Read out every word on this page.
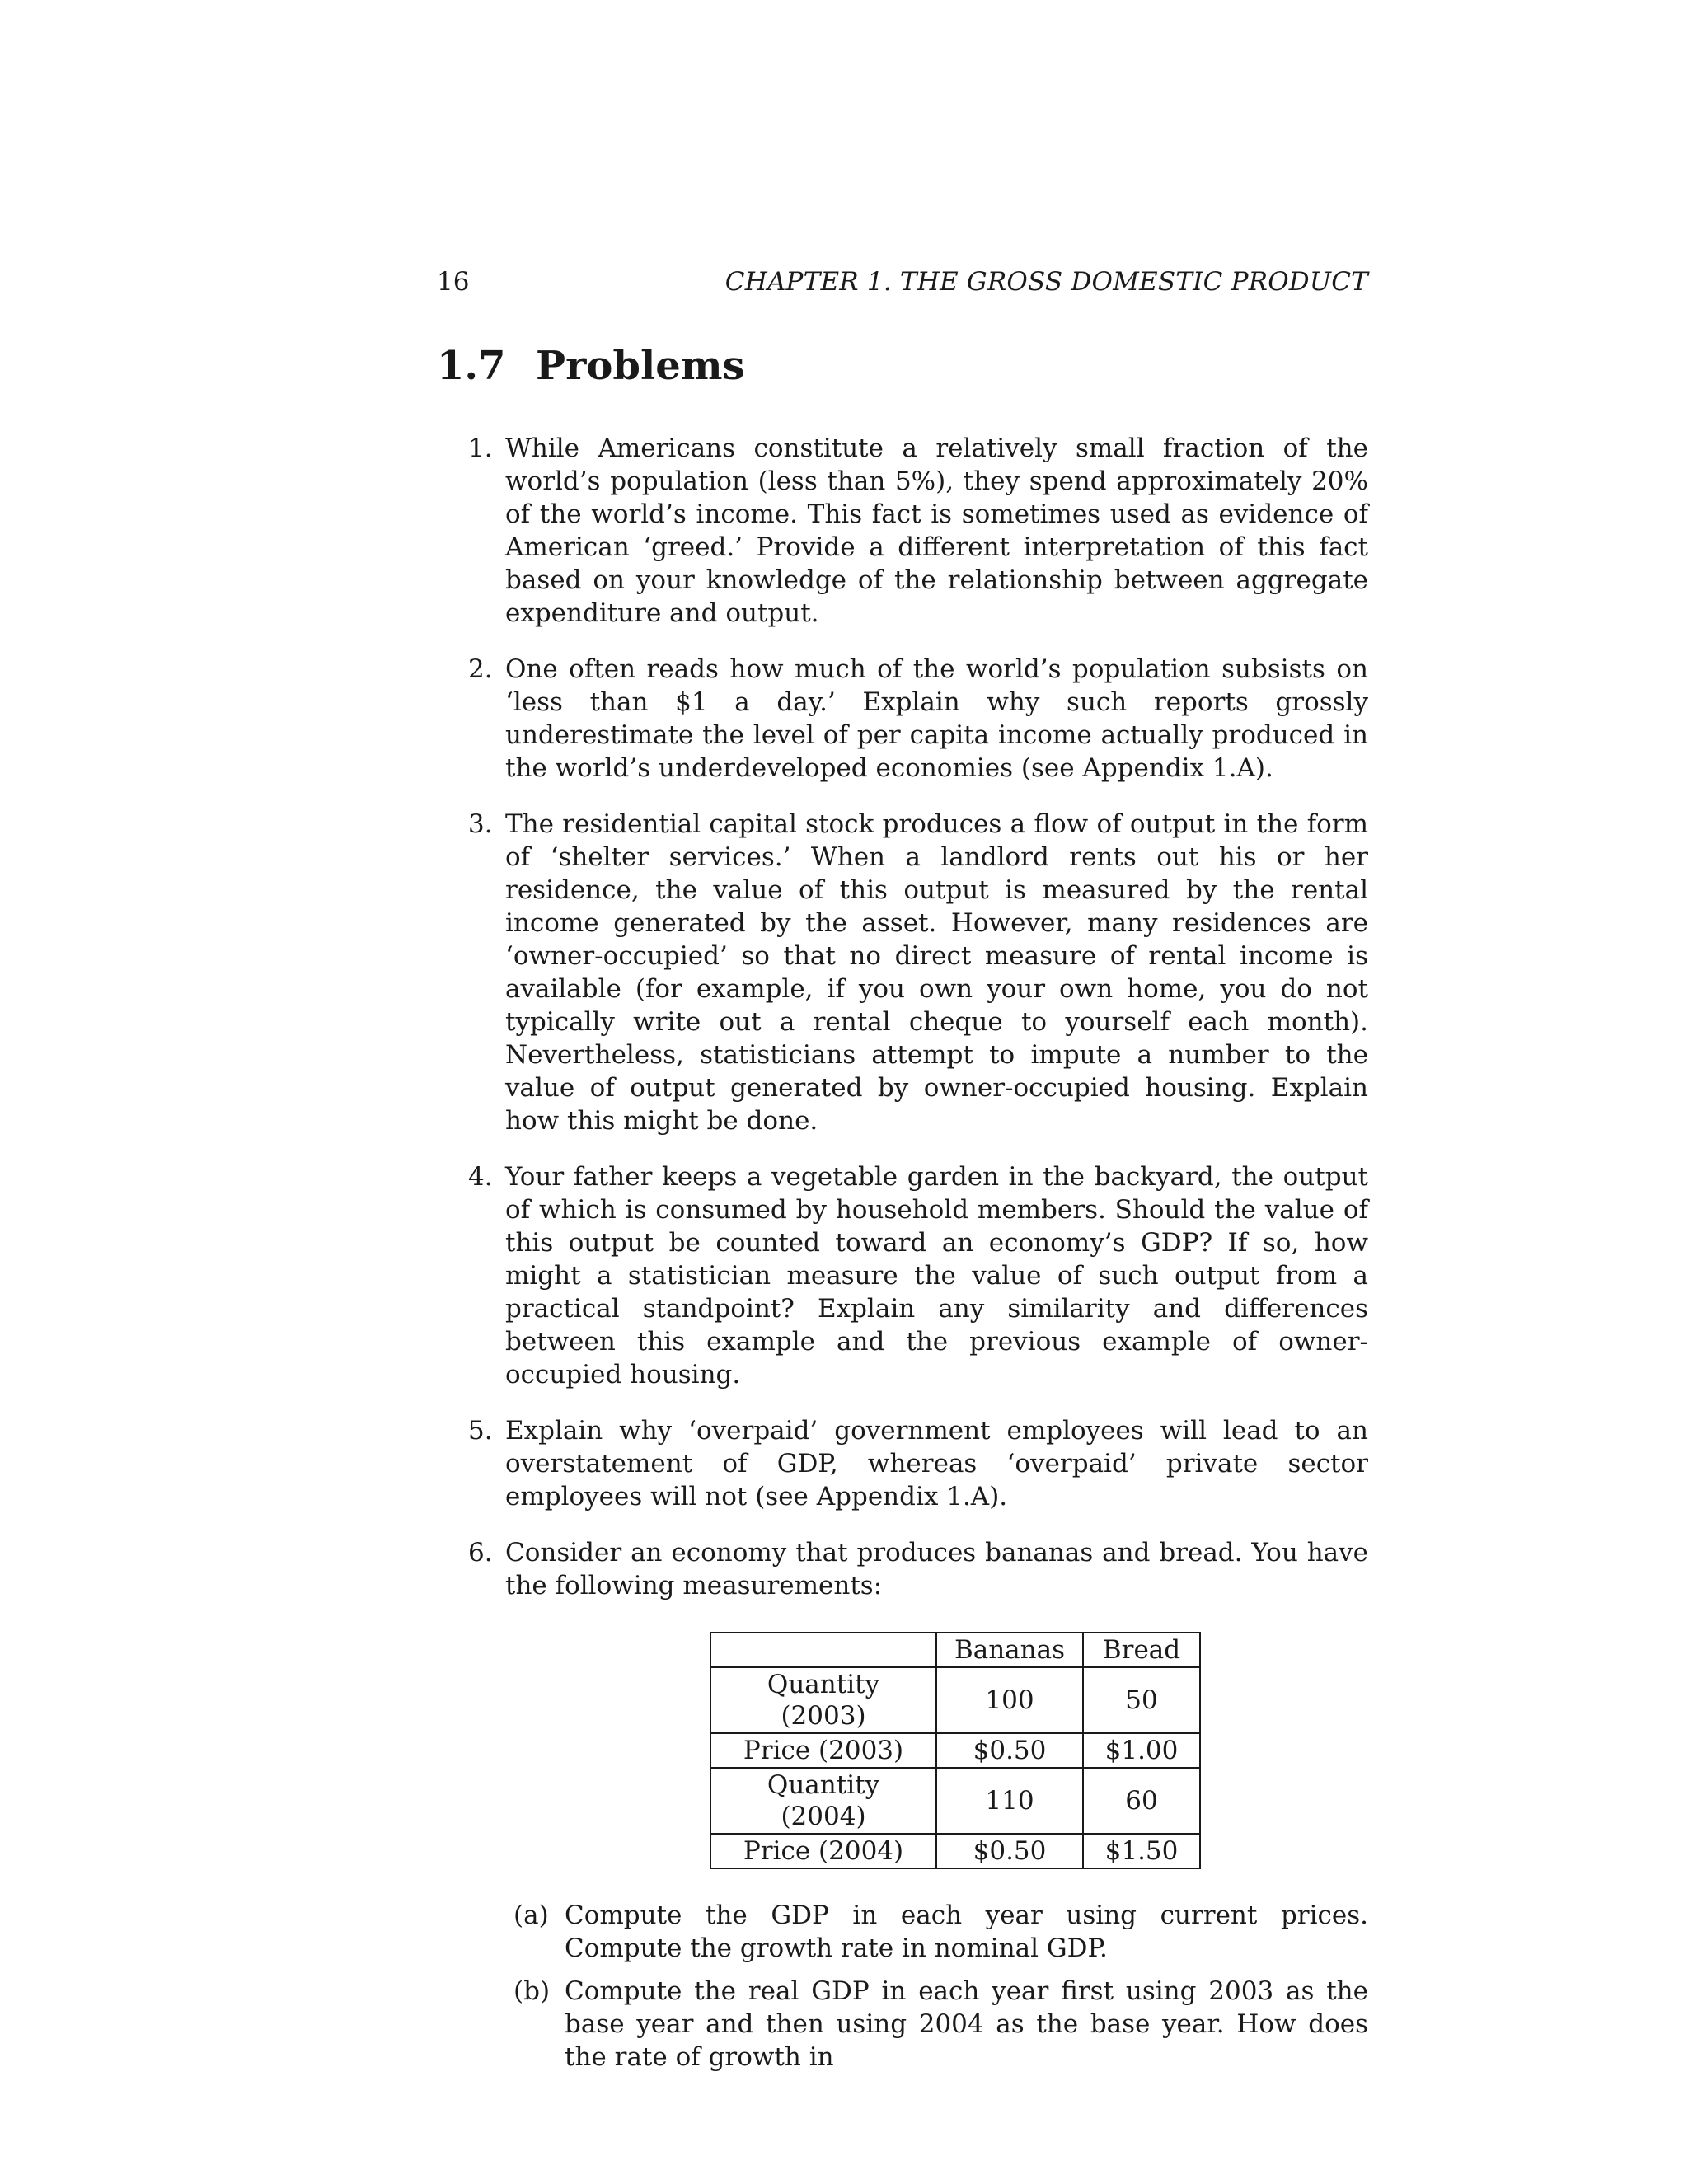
16	CHAPTER 1. THE GROSS DOMESTIC PRODUCT
1.7 Problems
1. While Americans constitute a relatively small fraction of the world’s population (less than 5%), they spend approximately 20% of the world’s income. This fact is sometimes used as evidence of American ‘greed.’ Provide a different interpretation of this fact based on your knowledge of the relationship between aggregate expenditure and output.
2. One often reads how much of the world’s population subsists on ‘less than $1 a day.’ Explain why such reports grossly underestimate the level of per capita income actually produced in the world’s underdeveloped economies (see Appendix 1.A).
3. The residential capital stock produces a flow of output in the form of ‘shelter services.’ When a landlord rents out his or her residence, the value of this output is measured by the rental income generated by the asset. However, many residences are ‘owner-occupied’ so that no direct measure of rental income is available (for example, if you own your own home, you do not typically write out a rental cheque to yourself each month). Nevertheless, statisticians attempt to impute a number to the value of output generated by owner-occupied housing. Explain how this might be done.
4. Your father keeps a vegetable garden in the backyard, the output of which is consumed by household members. Should the value of this output be counted toward an economy’s GDP? If so, how might a statistician measure the value of such output from a practical standpoint? Explain any similarity and differences between this example and the previous example of owner-occupied housing.
5. Explain why ‘overpaid’ government employees will lead to an overstatement of GDP, whereas ‘overpaid’ private sector employees will not (see Appendix 1.A).
6. Consider an economy that produces bananas and bread. You have the following measurements:
	Bananas	Bread
Quantity (2003)	100	50
Price (2003)	$0.50	$1.00
Quantity (2004)	110	60
Price (2004)	$0.50	$1.50
(a) Compute the GDP in each year using current prices. Compute the growth rate in nominal GDP.
(b) Compute the real GDP in each year first using 2003 as the base year and then using 2004 as the base year. How does the rate of growth in
